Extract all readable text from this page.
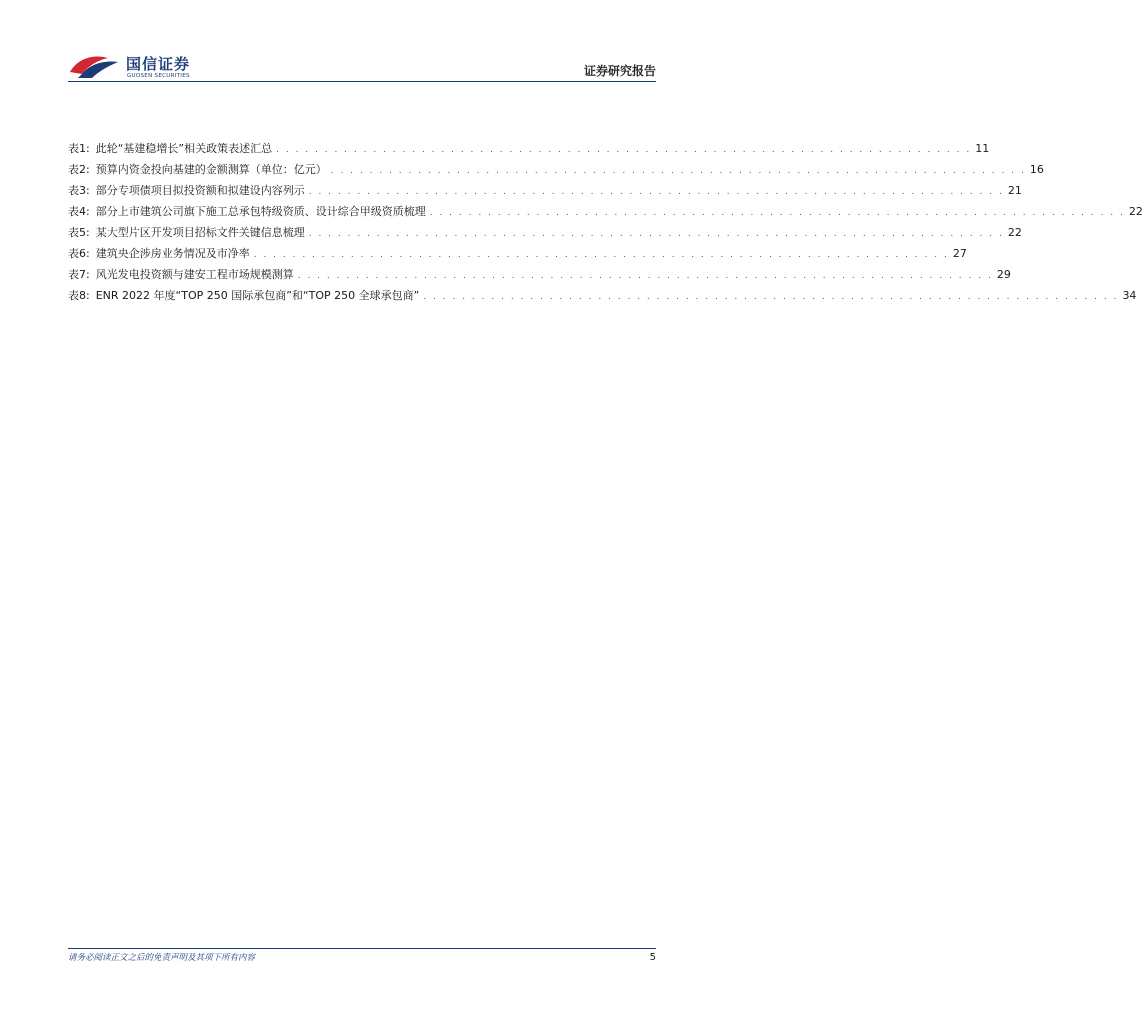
国信证券
GUOSEN SECURITIES	证券研究报告
表1: 此轮“基建稳增长”相关政策表述汇总 . . . . . . . . . . . . . . . . . . . . . . . . . . . . . . . . . . . . . . . . . . . . . . . . . . . . . . . . . . . . . . . . . . . . . . . . 11
表2: 预算内资金投向基建的金额测算（单位：亿元） . . . . . . . . . . . . . . . . . . . . . . . . . . . . . . . . . . . . . . . . . . . . . . . . . . . . . . . . . . . . . . . . . . . . . . . . 16
表3: 部分专项债项目拟投资额和拟建设内容列示 . . . . . . . . . . . . . . . . . . . . . . . . . . . . . . . . . . . . . . . . . . . . . . . . . . . . . . . . . . . . . . . . . . . . . . . . 21
表4: 部分上市建筑公司旗下施工总承包特级资质、设计综合甲级资质梳理 . . . . . . . . . . . . . . . . . . . . . . . . . . . . . . . . . . . . . . . . . . . . . . . . . . . . . . . . . . . . . . . . . . . . . . . . 22
表5: 某大型片区开发项目招标文件关键信息梳理 . . . . . . . . . . . . . . . . . . . . . . . . . . . . . . . . . . . . . . . . . . . . . . . . . . . . . . . . . . . . . . . . . . . . . . . . 22
表6: 建筑央企涉房业务情况及市净率 . . . . . . . . . . . . . . . . . . . . . . . . . . . . . . . . . . . . . . . . . . . . . . . . . . . . . . . . . . . . . . . . . . . . . . . . 27
表7: 风光发电投资额与建安工程市场规模测算 . . . . . . . . . . . . . . . . . . . . . . . . . . . . . . . . . . . . . . . . . . . . . . . . . . . . . . . . . . . . . . . . . . . . . . . . 29
表8: ENR 2022 年度“TOP 250 国际承包商”和“TOP 250 全球承包商” . . . . . . . . . . . . . . . . . . . . . . . . . . . . . . . . . . . . . . . . . . . . . . . . . . . . . . . . . . . . . . . . . . . . . . . . 34
请务必阅读正文之后的免责声明及其项下所有内容	5
